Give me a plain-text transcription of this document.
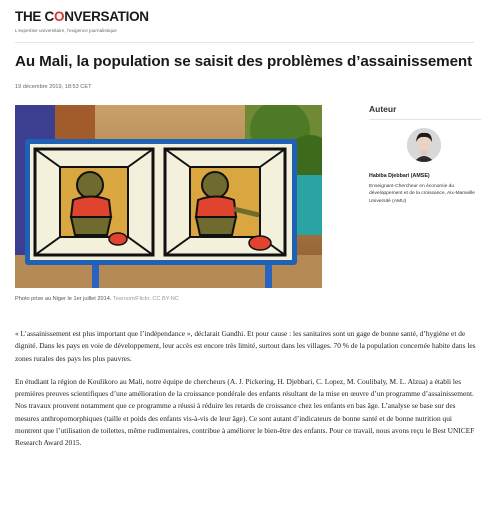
THE C O NVERSATION
L'expertise universitaire, l'exigence journalistique
Au Mali, la population se saisit des problèmes d’assainissement
19 décembre 2019, 18:53 CET
Photo prise au Niger le 1er juillet 2014. Tearoom/Flickr, CC BY-NC
Auteur
Habiba Djebbari (AMSE)
Enseignant-Chercheur en économie du développement et de la croissance, Aix-Marseille Université (AMU)

« L’assainissement est plus important que l’indépendance », déclarait Gandhi. Et pour cause : les sanitaires sont un gage de bonne santé, d’hygiène et de dignité. Dans les pays en voie de développement, leur accès est encore très limité, surtout dans les villages. 70 % de la population concernée habite dans les zones rurales des pays les plus pauvres.

En étudiant la région de Koulikoro au Mali, notre équipe de chercheurs (A. J. Pickering, H. Djebbari, C. Lopez, M. Coulibaly, M. L. Alzua) a établi les premières preuves scientifiques d’une amélioration de la croissance pondérale des enfants résultant de la mise en œuvre d’un programme d’assainissement. Nos travaux prouvent notamment que ce programme a réussi à réduire les retards de croissance chez les enfants en bas âge. L’analyse se base sur des mesures anthropomorphiques (taille et poids des enfants vis-à-vis de leur âge). Ce sont autant d’indicateurs de bonne santé et de bonne nutrition qui montrent que l’utilisation de toilettes, même rudimentaires, contribue à améliorer le bien-être des enfants. Pour ce travail, nous avons reçu le Best UNICEF Research Award 2015.
